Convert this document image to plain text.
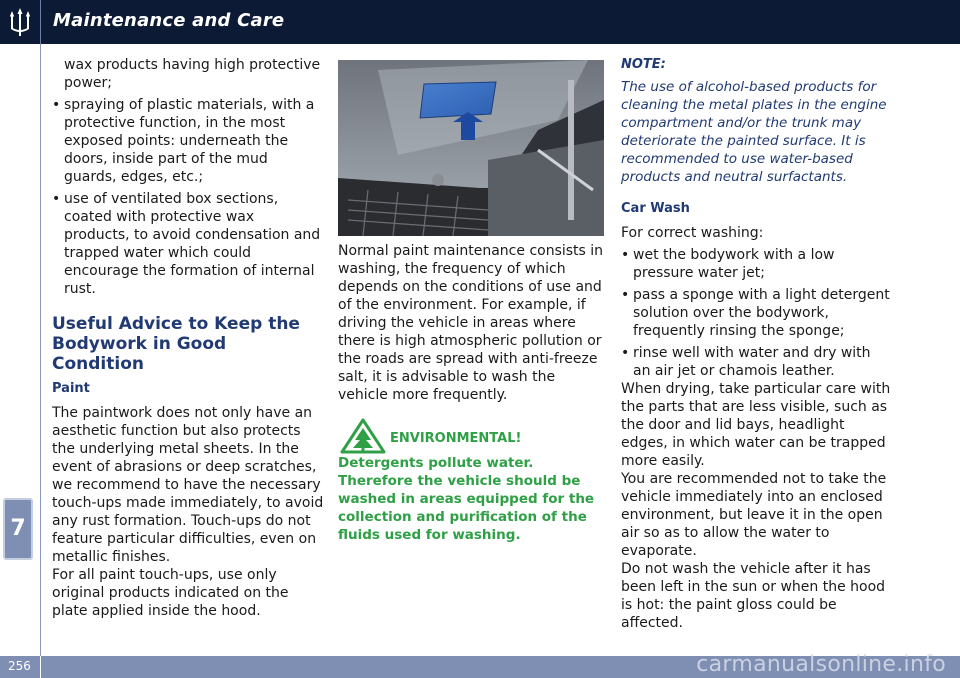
Maintenance and Care
7

wax products having high protective power;

• spraying of plastic materials, with a protective function, in the most exposed points: underneath the doors, inside part of the mud guards, edges, etc.;
• use of ventilated box sections, coated with protective wax products, to avoid condensation and trapped water which could encourage the formation of internal rust.
Useful Advice to Keep the Bodywork in Good Condition
Paint

The paintwork does not only have an aesthetic function but also protects the underlying metal sheets. In the event of abrasions or deep scratches, we recommend to have the necessary touch-ups made immediately, to avoid any rust formation. Touch-ups do not feature particular difficulties, even on metallic finishes.

For all paint touch-ups, use only original products indicated on the plate applied inside the hood.

Normal paint maintenance consists in washing, the frequency of which depends on the conditions of use and of the environment. For example, if driving the vehicle in areas where there is high atmospheric pollution or the roads are spread with anti-freeze salt, it is advisable to wash the vehicle more frequently.

ENVIRONMENTAL!

Detergents pollute water. Therefore the vehicle should be washed in areas equipped for the collection and purification of the fluids used for washing.

NOTE:

The use of alcohol-based products for cleaning the metal plates in the engine compartment and/or the trunk may deteriorate the painted surface. It is recommended to use water-based products and neutral surfactants.

Car Wash

For correct washing:

• wet the bodywork with a low pressure water jet;
• pass a sponge with a light detergent solution over the bodywork, frequently rinsing the sponge;
• rinse well with water and dry with an air jet or chamois leather.

When drying, take particular care with the parts that are less visible, such as the door and lid bays, headlight edges, in which water can be trapped more easily.

You are recommended not to take the vehicle immediately into an enclosed environment, but leave it in the open air so as to allow the water to evaporate.

Do not wash the vehicle after it has been left in the sun or when the hood is hot: the paint gloss could be affected.

256	carmanualsonline.info
